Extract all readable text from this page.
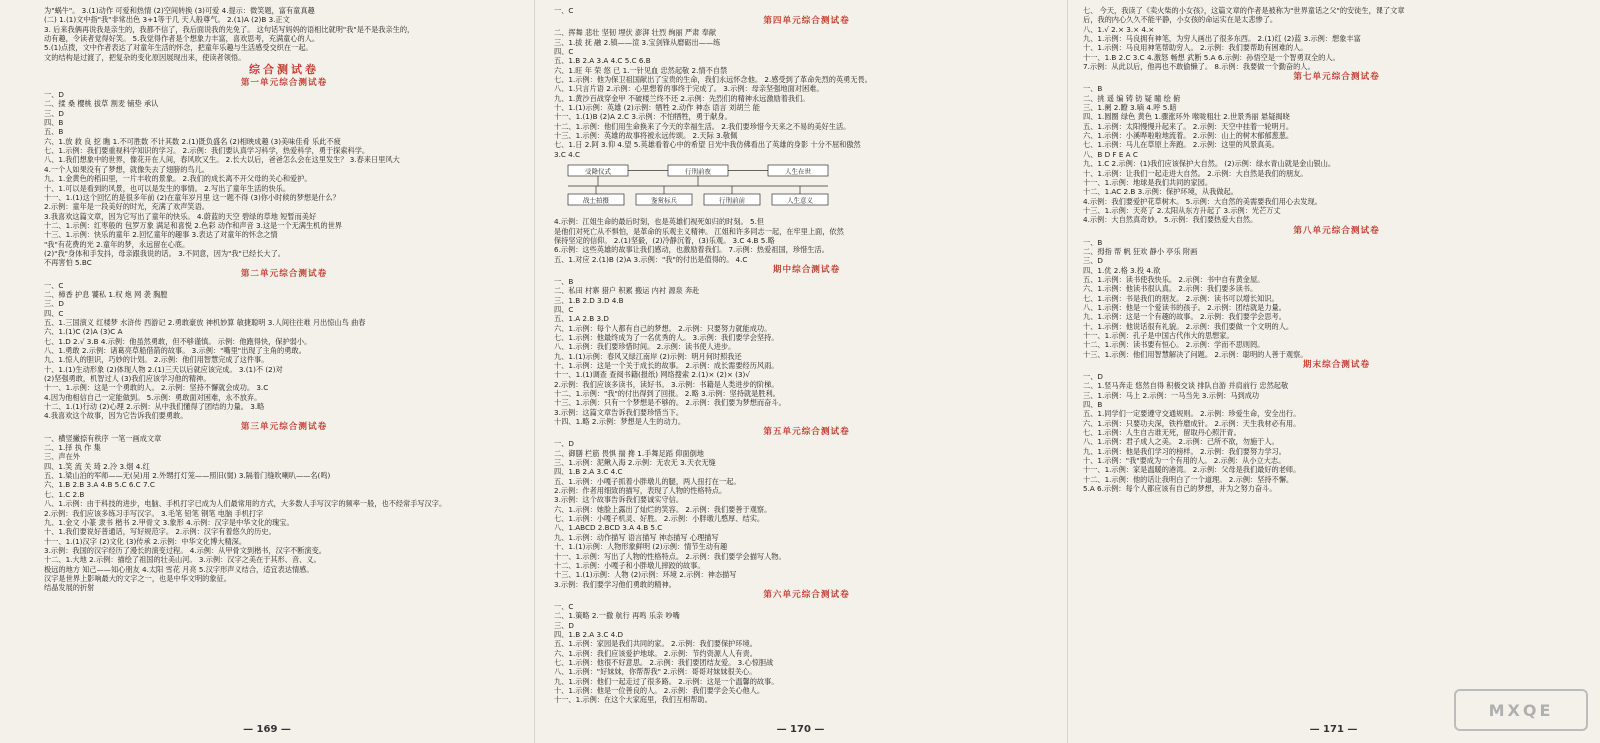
为"蜗牛"。 3.(1)动作 可爱和热情 (2)空间转换 (3)可爱 4.提示：微笑题，富有童真趣
(二) 1.(1)文中指"我"非常出色 3+1等于几 天人般尊气。 2.(1)A (2)B 3.正文
3. 后来我俩再说我是亲生的，我都不信了，我后面说我的先免了。 这句话写妈妈的语相比就明"我"是不是我亲生的，
动有趣，令读者觉得好笑。 5.我觉得作者是个想象力丰富，喜欢思考，充满童心的人。
5.(1)点拨，文中作者表达了对童年生活的怀念，把童年乐趣与生活感受交织在一起。
文的结构是过渡了，把复杂的变化原因展现出来，使读者领悟。
综合测试卷
第一单元综合测试卷
一、D
二、揉 桑 樱桃 拔草 割麦 铺垫 承认
三、D
四、B
五、B
六、1.放 救 良 挖 瞧 1.不可胜数 不计其数 2.(1)既负盛名 (2)相映成趣 (3)美味佳肴 乐此不疲
七、1.示例：我们要重视科学知识的学习。 2.示例：我们要认真学习科学，热爱科学，勇于探索科学。
八、1.我们想象中的世界，像花开在人间，春风吹又生。 2.长大以后，爸爸怎么会在这里发生？ 3.春来日里风大
4.一个人如果没有了梦想，就像失去了翅膀的鸟儿。
九、1.金黄色的稻田里，一片丰收的景象。 2.我们的成长离不开父母的关心和爱护。
十、1.可以是看到的风景，也可以是发生的事情。 2.写出了童年生活的快乐。
十一、1.(1)这个回忆的是很多年前 (2)在童年岁月里 这一题不得 (3)你小时候的梦想是什么？
2.示例：童年是一段美好的时光，充满了欢声笑语。
3.我喜欢这篇文章，因为它写出了童年的快乐。 4.蔚蓝的天空 碧绿的草地 短暂而美好
十二、1.示例：红枣般的 包罗万象 满足和喜悦 2.色彩 动作和声音 3.这是一个无满生机的世界
十三、1.示例：快乐的童年 2.回忆童年的趣事 3.表达了对童年的怀念之情
"我"有花费的光 2.童年的梦，永远留在心底。
(2)"我"身体和手发抖，母亲跟我说的话。 3.不同意，因为"我"已经长大了。
不再害怕 5.BC
第二单元综合测试卷
一、C
二、樟香 护息 饕私 1.权 炮 网 袭 胸膛
三、D
四、C
五、1.三国演义 红楼梦 水浒传 西游记 2.勇敢豪放 神机妙算 敏捷聪明 3.人间往往难 月出惊山鸟 曲春
六、1.(1)C (2)A (3)C A
七、1.D 2.√ 3.B 4.示例：他虽然勇敢，但不够谨慎。 示例：他跑得快，保护弱小。
八、1.勇敢 2.示例：诸葛亮草船借箭的故事。 3.示例："嘴里"出现了主角的勇敢。
九、1.惊人的胆识，巧妙的计划。 2.示例：他们用智慧完成了这件事。
十、1.(1)生动形象 (2)体现人物 2.(1)三天以后就应该完成。 3.(1)不 (2)对
(2)坚强勇敢，机智过人 (3)我们应该学习他的精神。
十一、1.示例：这是一个勇敢的人。 2.示例：坚持不懈就会成功。 3.C
4.因为他相信自己一定能做到。 5.示例：勇敢面对困难，永不放弃。
十二、1.(1)行动 (2)心理 2.示例：从中我们懂得了团结的力量。 3.略
4.我喜欢这个故事，因为它告诉我们要勇敢。
第三单元综合测试卷
一、横竖撇捺有秩序 一笔一画成文章
二、1.择 执 作 集
三、声在外
四、1.笑 流 关 琦 2.冷 3.烟 4.红
五、1.梁山泊的军师——无(吴)用 2.外甥打灯笼——照旧(舅) 3.隔着门缝吹喇叭——名(鸣)
六、1.B 2.B 3.A 4.B 5.C 6.C 7.C
七、1.C 2.B
八、1.示例：由于科技的进步，电脑、手机打字已成为人们最常用的方式，大多数人手写汉字的频率一般，也不经常手写汉字。
2.示例：我们应该多练习手写汉字。 3.毛笔 铅笔 钢笔 电脑 手机打字
九、1.金文 小篆 隶书 楷书 2.甲骨文 3.象形 4.示例：汉字是中华文化的瑰宝。
十、1.我们要说好普通话，写好规范字。 2.示例：汉字有着悠久的历史。
十一、1.(1)汉字 (2)文化 (3)传承 2.示例：中华文化博大精深。
3.示例：我国的汉字经历了漫长的演变过程。 4.示例：从甲骨文到楷书，汉字不断演变。
十二、1.大地 2.示例：描绘了祖国的壮美山河。 3.示例：汉字之美在于其形、音、义。
极远的地方 知己——知心朋友 4.太阳 雪花 月亮 5.汉字形声义结合，适宜表达情感。
汉字是世界上影响最大的文字之一，也是中华文明的象征。
结晶发展的折射
— 169 —
一、C
第四单元综合测试卷
二、挥舞 悲壮 坚韧 埋伏 澎湃 壮烈 绚丽 严肃 奉献
三、1.拔 抚 融 2.镇——渲 3.宝剑锋从磨砺出——练
四、C
五、1.B 2.A 3.A 4.C 5.C 6.B
六、1.旺 年 荣 悠 已 1.一针见血 忠然起敬 2.情不自禁
七、1.示例：他为保卫祖国献出了宝贵的生命，我们永远怀念他。 2.感受到了革命先烈的英勇无畏。
八、1.只言片语 2.示例：心里想着的事终于完成了。 3.示例：母亲坚强地面对困难。
九、1.黄沙百战穿金甲 不破楼兰终不还 2.示例：先烈们的精神永远激励着我们。
十、1.(1)示例：英雄 (2)示例：牺牲 2.动作 神态 语言 刘胡兰 能
十一、1.(1)B (2)A 2.C 3.示例：不怕牺牲，勇于献身。
十二、1.示例：他们用生命换来了今天的幸福生活。 2.我们要珍惜今天来之不易的美好生活。
十三、1.示例：英雄的故事将被永远传颂。 2.天际 3.敬佩
七、1.日 2.阿 3.仰 4.望 5.英雄看着心中的希望 日光中我仿佛看出了英雄的身影 十分不屈和傲然
3.C 4.C
受降仪式	行刑前夜	人生在世
战士拍摄	鉴赏标兵	行刑前前	人生意义
4.示例：江姐生命的最后时刻，也是英雄们视死如归的时刻。 5.但
是他们对死亡从不惧怕，是革命的乐观主义精神。 江姐和许多同志一起，在牢里上面，依然
保持坚定的信仰。 2.(1)坚毅，(2)冷静沉着，(3)乐观。 3.C 4.B 5.略
6.示例：这些英雄的故事让我们感动，也激励着我们。 7.示例：热爱祖国，珍惜生活。
五、1.对应 2.(1)B (2)A 3.示例："我"的付出是值得的。 4.C
期中综合测试卷
一、B
二、私田 村寨 猎户 积累 搬运 内衬 源泉 奔赴
三、1.B 2.D 3.D 4.B
四、C
五、1.A 2.B 3.D
六、1.示例：每个人都有自己的梦想。 2.示例：只要努力就能成功。
七、1.示例：他最终成为了一名优秀的人。 3.示例：我们要学会坚持。
八、1.示例：我们要珍惜时间。 2.示例：读书使人进步。
九、1.(1)示例：春风又绿江南岸 (2)示例：明月何时照我还
十、1.示例：这是一个关于成长的故事。 2.示例：成长需要经历风雨。
十一、1.(1)调查 查阅书籍(报纸) 网络搜索 2.(1)× (2)× (3)√
2.示例：我们应该多读书，读好书。 3.示例：书籍是人类进步的阶梯。
十二、1.示例："我"的付出得到了回报。 2.略 3.示例：坚持就是胜利。
十三、1.示例：只有一个梦想是不够的。 2.示例：我们要为梦想而奋斗。
3.示例：这篇文章告诉我们要珍惜当下。
十四、1.略 2.示例：梦想是人生的动力。
第五单元综合测试卷
一、D
二、御膳 栏筋 畏惧 揣 搀 1.手舞足蹈 仰面倒地
三、1.示例：泥鳅入海 2.示例：无农无 3.天衣无缝
四、1.B 2.A 3.C 4.C
五、1.示例：小嘎子抓着小胖墩儿的腿，两人扭打在一起。
2.示例：作者用细致的描写，表现了人物的性格特点。
3.示例：这个故事告诉我们要诚实守信。
六、1.示例：她脸上露出了灿烂的笑容。 2.示例：我们要善于观察。
七、1.示例：小嘎子机灵、好胜。 2.示例：小胖墩儿憨厚、结实。
八、1.ABCD 2.BCD 3.A 4.B 5.C
九、1.示例：动作描写 语言描写 神态描写 心理描写
十、1.(1)示例：人物形象鲜明 (2)示例：情节生动有趣
十一、1.示例：写出了人物的性格特点。 2.示例：我们要学会描写人物。
十二、1.示例：小嘎子和小胖墩儿摔跤的故事。
十三、1.(1)示例：人物 (2)示例：环境 2.示例：神态描写
3.示例：我们要学习他们勇敢的精神。
第六单元综合测试卷
一、C
二、1.策略 2.一撒 航行 再鸣 乐亲 吵嘴
三、D
四、1.B 2.A 3.C 4.D
五、1.示例：家园是我们共同的家。 2.示例：我们要保护环境。
六、1.示例：我们应该爱护地球。 2.示例：节约资源人人有责。
七、1.示例：他很不好意思。 2.示例：我们要团结友爱。 3.心惊胆战
八、1.示例："好妹妹，你帮帮我" 2.示例：哥哥对妹妹很关心。
九、1.示例：他们一起走过了很多路。 2.示例：这是一个温馨的故事。
十、1.示例：他是一位善良的人。 2.示例：我们要学会关心他人。
十一、1.示例：在这个大家庭里，我们互相帮助。
— 170 —
七、 今天，我读了《卖火柴的小女孩》，这篇文章的作者是被称为"世界童话之父"的安徒生，课了文章
后，我的内心久久不能平静，小女孩的命运实在是太悲惨了。
八、1.√ 2.× 3.× 4.×
九、1.示例：马良拥有神笔，为穷人画出了很多东西。 2.(1)红 (2)蓝 3.示例：想象丰富
十、1.示例：马良用神笔帮助穷人。 2.示例：我们要帮助有困难的人。
十一、1.B 2.C 3.C 4.激怒 畅想 武断 5.A 6.示例：孙悟空是一个智勇双全的人。
7.示例：从此以后，他再也不敢偷懒了。 8.示例：我要做一个勤奋的人。
第七单元综合测试卷
一、B
二、挑 遥 编 铸 钫 疑 瞳 绘 俯
三、1.阑 2.瞭 3.嘀 4.呼 5.暗
四、1.圆圈 绿色 黄色 1.骤涨环外 喉咙粗壮 2.世景秀丽 悬疑揭晓
五、1.示例：太阳慢慢升起来了。 2.示例：天空中挂着一轮明月。
六、1.示例：小溪哗啦啦地流着。 2.示例：山上的树木郁郁葱葱。
七、1.示例：马儿在草原上奔跑。 2.示例：这里的风景真美。
八、B D F E A C
九、1.C 2.示例：(1)我们应该保护大自然。 (2)示例：绿水青山就是金山银山。
十、1.示例：让我们一起走进大自然。 2.示例：大自然是我们的朋友。
十一、1.示例：地球是我们共同的家园。
十二、1.AC 2.B 3.示例：保护环境，从我做起。
4.示例：我们要爱护花草树木。 5.示例：大自然的美需要我们用心去发现。
十三、1.示例：天亮了 2.太阳从东方升起了 3.示例：光芒万丈
4.示例：大自然真奇妙。 5.示例：我们要热爱大自然。
第八单元综合测试卷
一、B
二、拇指 帮 帆 狂欢 静小 亭乐 附画
三、D
四、1.优 2.格 3.投 4.欲
五、1.示例：读书使我快乐。 2.示例：书中自有黄金屋。
六、1.示例：他读书很认真。 2.示例：我们要多读书。
七、1.示例：书是我们的朋友。 2.示例：读书可以增长知识。
八、1.示例：他是一个爱读书的孩子。 2.示例：团结就是力量。
九、1.示例：这是一个有趣的故事。 2.示例：我们要学会思考。
十、1.示例：他说话很有礼貌。 2.示例：我们要做一个文明的人。
十一、1.示例：孔子是中国古代伟大的思想家。
十二、1.示例：读书要有恒心。 2.示例：学而不思则罔。
十三、1.示例：他们用智慧解决了问题。 2.示例：聪明的人善于观察。
期末综合测试卷
一、D
二、1.竖马奔走 悠然自得 积极交谈 排队自游 并肩前行 忠然起敬
三、1.示例：马上 2.示例：一马当先 3.示例：马到成功
四、B
五、1.同学们一定要遵守交通规则。 2.示例：珍爱生命，安全出行。
六、1.示例：只要功夫深，铁杵磨成针。 2.示例：天生我材必有用。
七、1.示例：人生自古谁无死，留取丹心照汗青。
八、1.示例：君子成人之美。 2.示例：己所不欲，勿施于人。
九、1.示例：他是我们学习的榜样。 2.示例：我们要努力学习。
十、1.示例："我"要成为一个有用的人。 2.示例：从小立大志。
十一、1.示例：家是温暖的港湾。 2.示例：父母是我们最好的老师。
十二、1.示例：他的话让我明白了一个道理。 2.示例：坚持不懈。
5.A 6.示例：每个人都应该有自己的梦想，并为之努力奋斗。
— 171 —
MXQE
